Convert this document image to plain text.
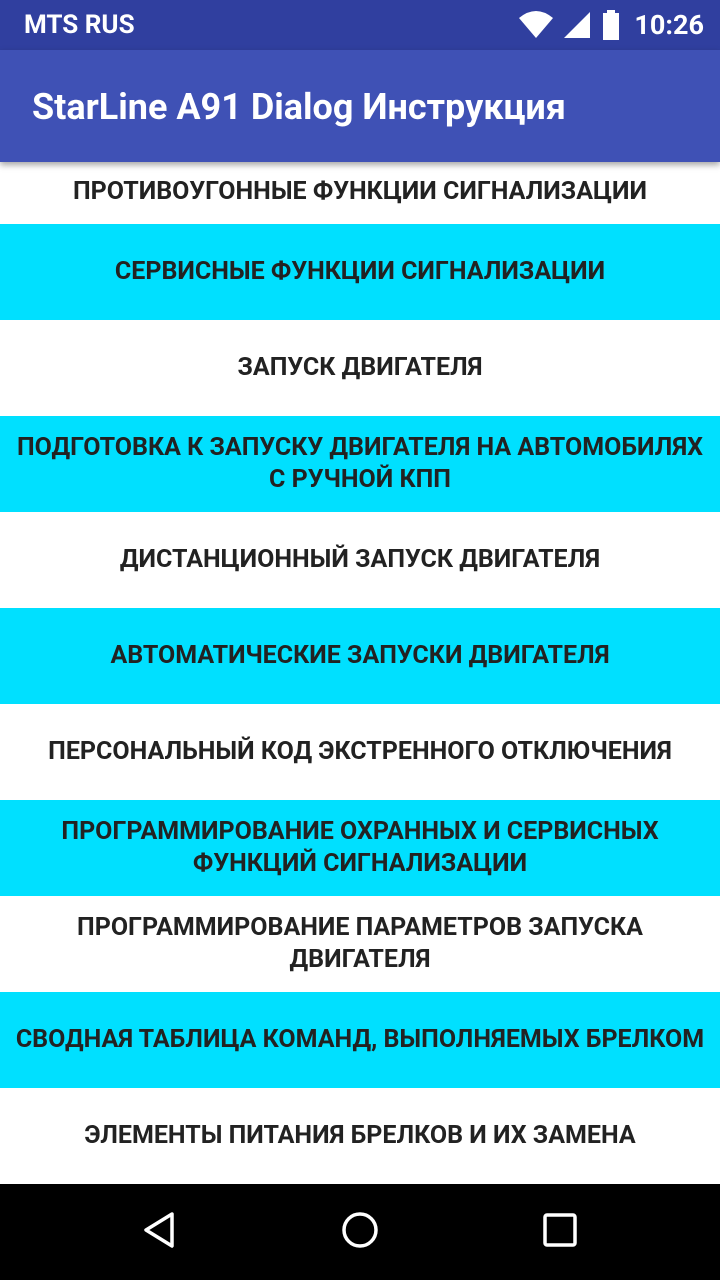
MTS RUS	10:26
StarLine A91 Dialog Инструкция
ПРОТИВОУГОННЫЕ ФУНКЦИИ СИГНАЛИЗАЦИИ
СЕРВИСНЫЕ ФУНКЦИИ СИГНАЛИЗАЦИИ
ЗАПУСК ДВИГАТЕЛЯ
ПОДГОТОВКА К ЗАПУСКУ ДВИГАТЕЛЯ НА АВТОМОБИЛЯХ С РУЧНОЙ КПП
ДИСТАНЦИОННЫЙ ЗАПУСК ДВИГАТЕЛЯ
АВТОМАТИЧЕСКИЕ ЗАПУСКИ ДВИГАТЕЛЯ
ПЕРСОНАЛЬНЫЙ КОД ЭКСТРЕННОГО ОТКЛЮЧЕНИЯ
ПРОГРАММИРОВАНИЕ ОХРАННЫХ И СЕРВИСНЫХ ФУНКЦИЙ СИГНАЛИЗАЦИИ
ПРОГРАММИРОВАНИЕ ПАРАМЕТРОВ ЗАПУСКА ДВИГАТЕЛЯ
СВОДНАЯ ТАБЛИЦА КОМАНД, ВЫПОЛНЯЕМЫХ БРЕЛКОМ
ЭЛЕМЕНТЫ ПИТАНИЯ БРЕЛКОВ И ИХ ЗАМЕНА
